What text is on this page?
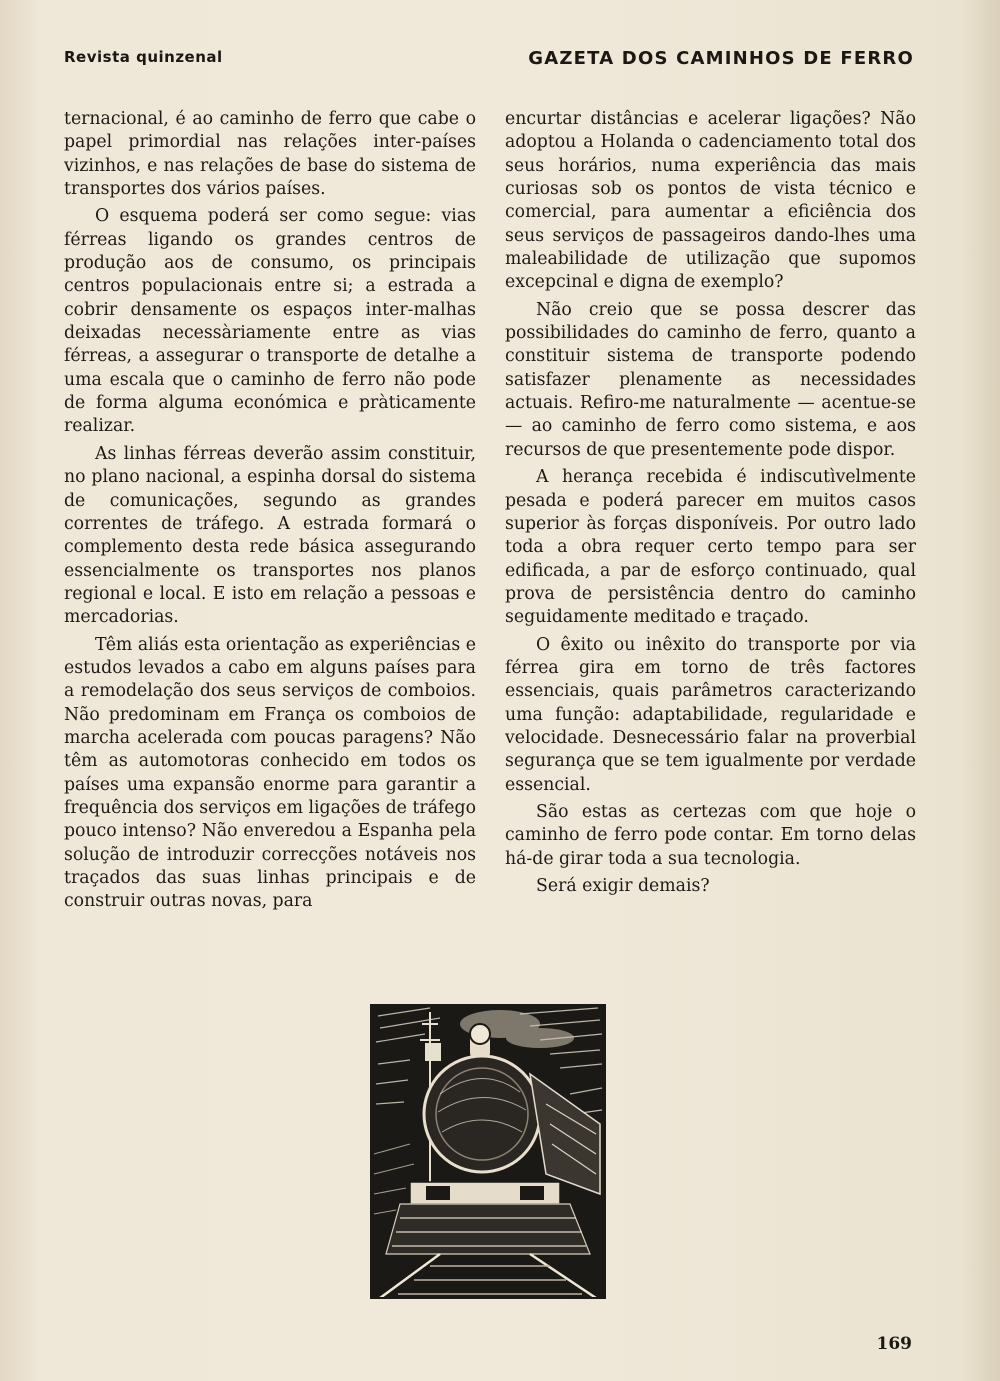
Revista quinzenal	GAZETA DOS CAMINHOS DE FERRO

ternacional, é ao caminho de ferro que cabe o papel primordial nas relações inter-países vizinhos, e nas relações de base do sistema de transportes dos vários países.

O esquema poderá ser como segue: vias férreas ligando os grandes centros de produção aos de consumo, os principais centros populacionais entre si; a estrada a cobrir densamente os espaços inter-malhas deixadas necessàriamente entre as vias férreas, a assegurar o transporte de detalhe a uma escala que o caminho de ferro não pode de forma alguma económica e pràticamente realizar.

As linhas férreas deverão assim constituir, no plano nacional, a espinha dorsal do sistema de comunicações, segundo as grandes correntes de tráfego. A estrada formará o complemento desta rede básica assegurando essencialmente os transportes nos planos regional e local. E isto em relação a pessoas e mercadorias.

Têm aliás esta orientação as experiências e estudos levados a cabo em alguns países para a remodelação dos seus serviços de comboios. Não predominam em França os comboios de marcha acelerada com poucas paragens? Não têm as automotoras conhecido em todos os países uma expansão enorme para garantir a frequência dos serviços em ligações de tráfego pouco intenso? Não enveredou a Espanha pela solução de introduzir correcções notáveis nos traçados das suas linhas principais e de construir outras novas, para

encurtar distâncias e acelerar ligações? Não adoptou a Holanda o cadenciamento total dos seus horários, numa experiência das mais curiosas sob os pontos de vista técnico e comercial, para aumentar a eficiência dos seus serviços de passageiros dando-lhes uma maleabilidade de utilização que supomos excepcinal e digna de exemplo?

Não creio que se possa descrer das possibilidades do caminho de ferro, quanto a constituir sistema de transporte podendo satisfazer plenamente as necessidades actuais. Refiro-me naturalmente — acentue-se — ao caminho de ferro como sistema, e aos recursos de que presentemente pode dispor.

A herança recebida é indiscutìvelmente pesada e poderá parecer em muitos casos superior às forças disponíveis. Por outro lado toda a obra requer certo tempo para ser edificada, a par de esforço continuado, qual prova de persistência dentro do caminho seguidamente meditado e traçado.

O êxito ou inêxito do transporte por via férrea gira em torno de três factores essenciais, quais parâmetros caracterizando uma função: adaptabilidade, regularidade e velocidade. Desnecessário falar na proverbial segurança que se tem igualmente por verdade essencial.

São estas as certezas com que hoje o caminho de ferro pode contar. Em torno delas há-de girar toda a sua tecnologia.

Será exigir demais?

169
